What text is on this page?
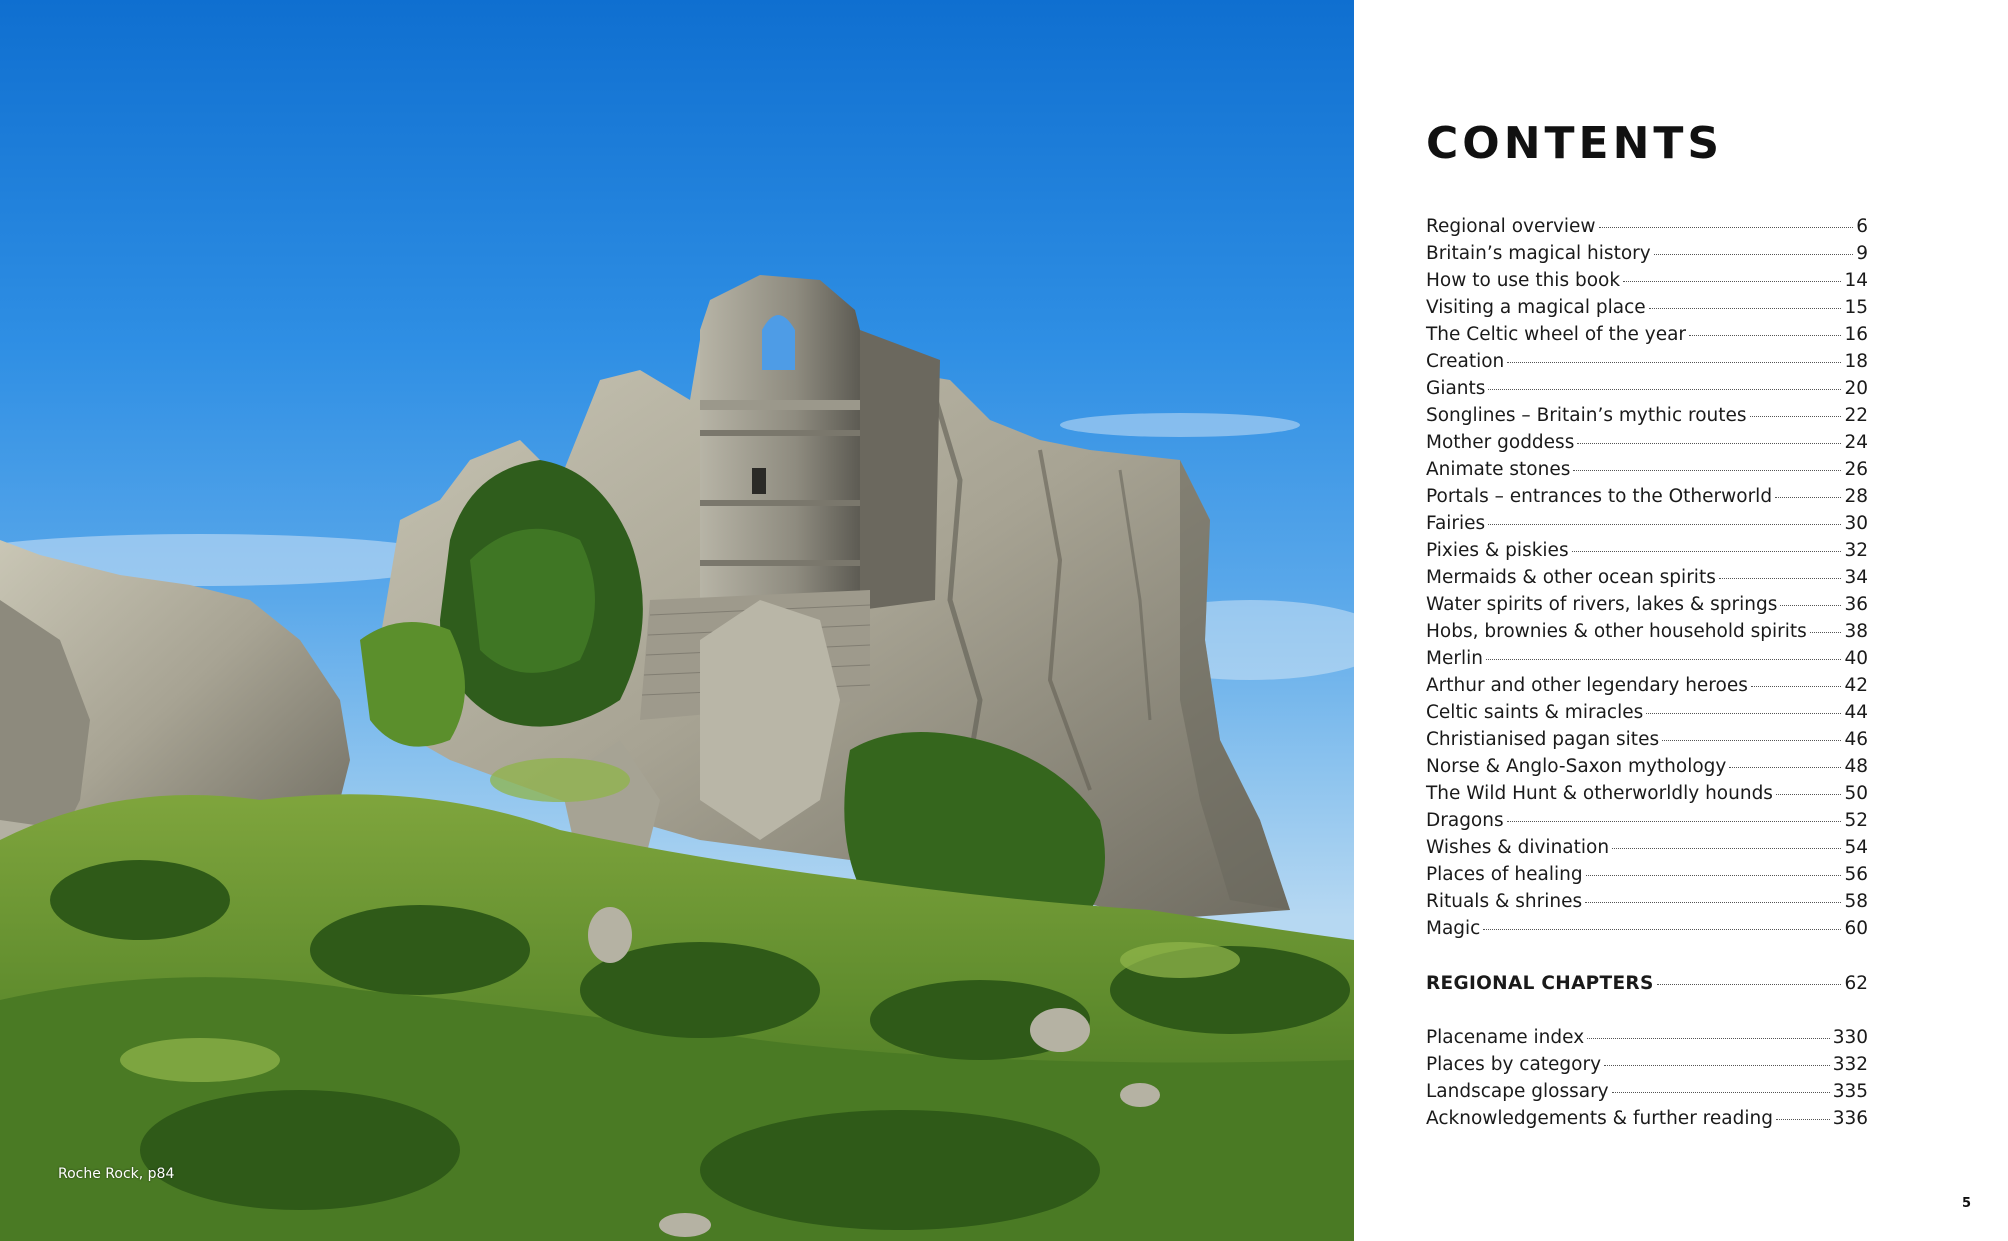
Roche Rock, p84
CONTENTS
Regional overview	6
Britain’s magical history	9
How to use this book	14
Visiting a magical place	15
The Celtic wheel of the year	16
Creation	18
Giants	20
Songlines – Britain’s mythic routes	22
Mother goddess	24
Animate stones	26
Portals – entrances to the Otherworld	28
Fairies	30
Pixies & piskies	32
Mermaids & other ocean spirits	34
Water spirits of rivers, lakes & springs	36
Hobs, brownies & other household spirits 38
Merlin	40
Arthur and other legendary heroes	42
Celtic saints & miracles	44
Christianised pagan sites	46
Norse & Anglo-Saxon mythology	48
The Wild Hunt & otherworldly hounds	50
Dragons	52
Wishes & divination	54
Places of healing	56
Rituals & shrines	58
Magic	60
REGIONAL CHAPTERS	62
Placename index	330
Places by category	332
Landscape glossary	335
Acknowledgements & further reading	336
5
